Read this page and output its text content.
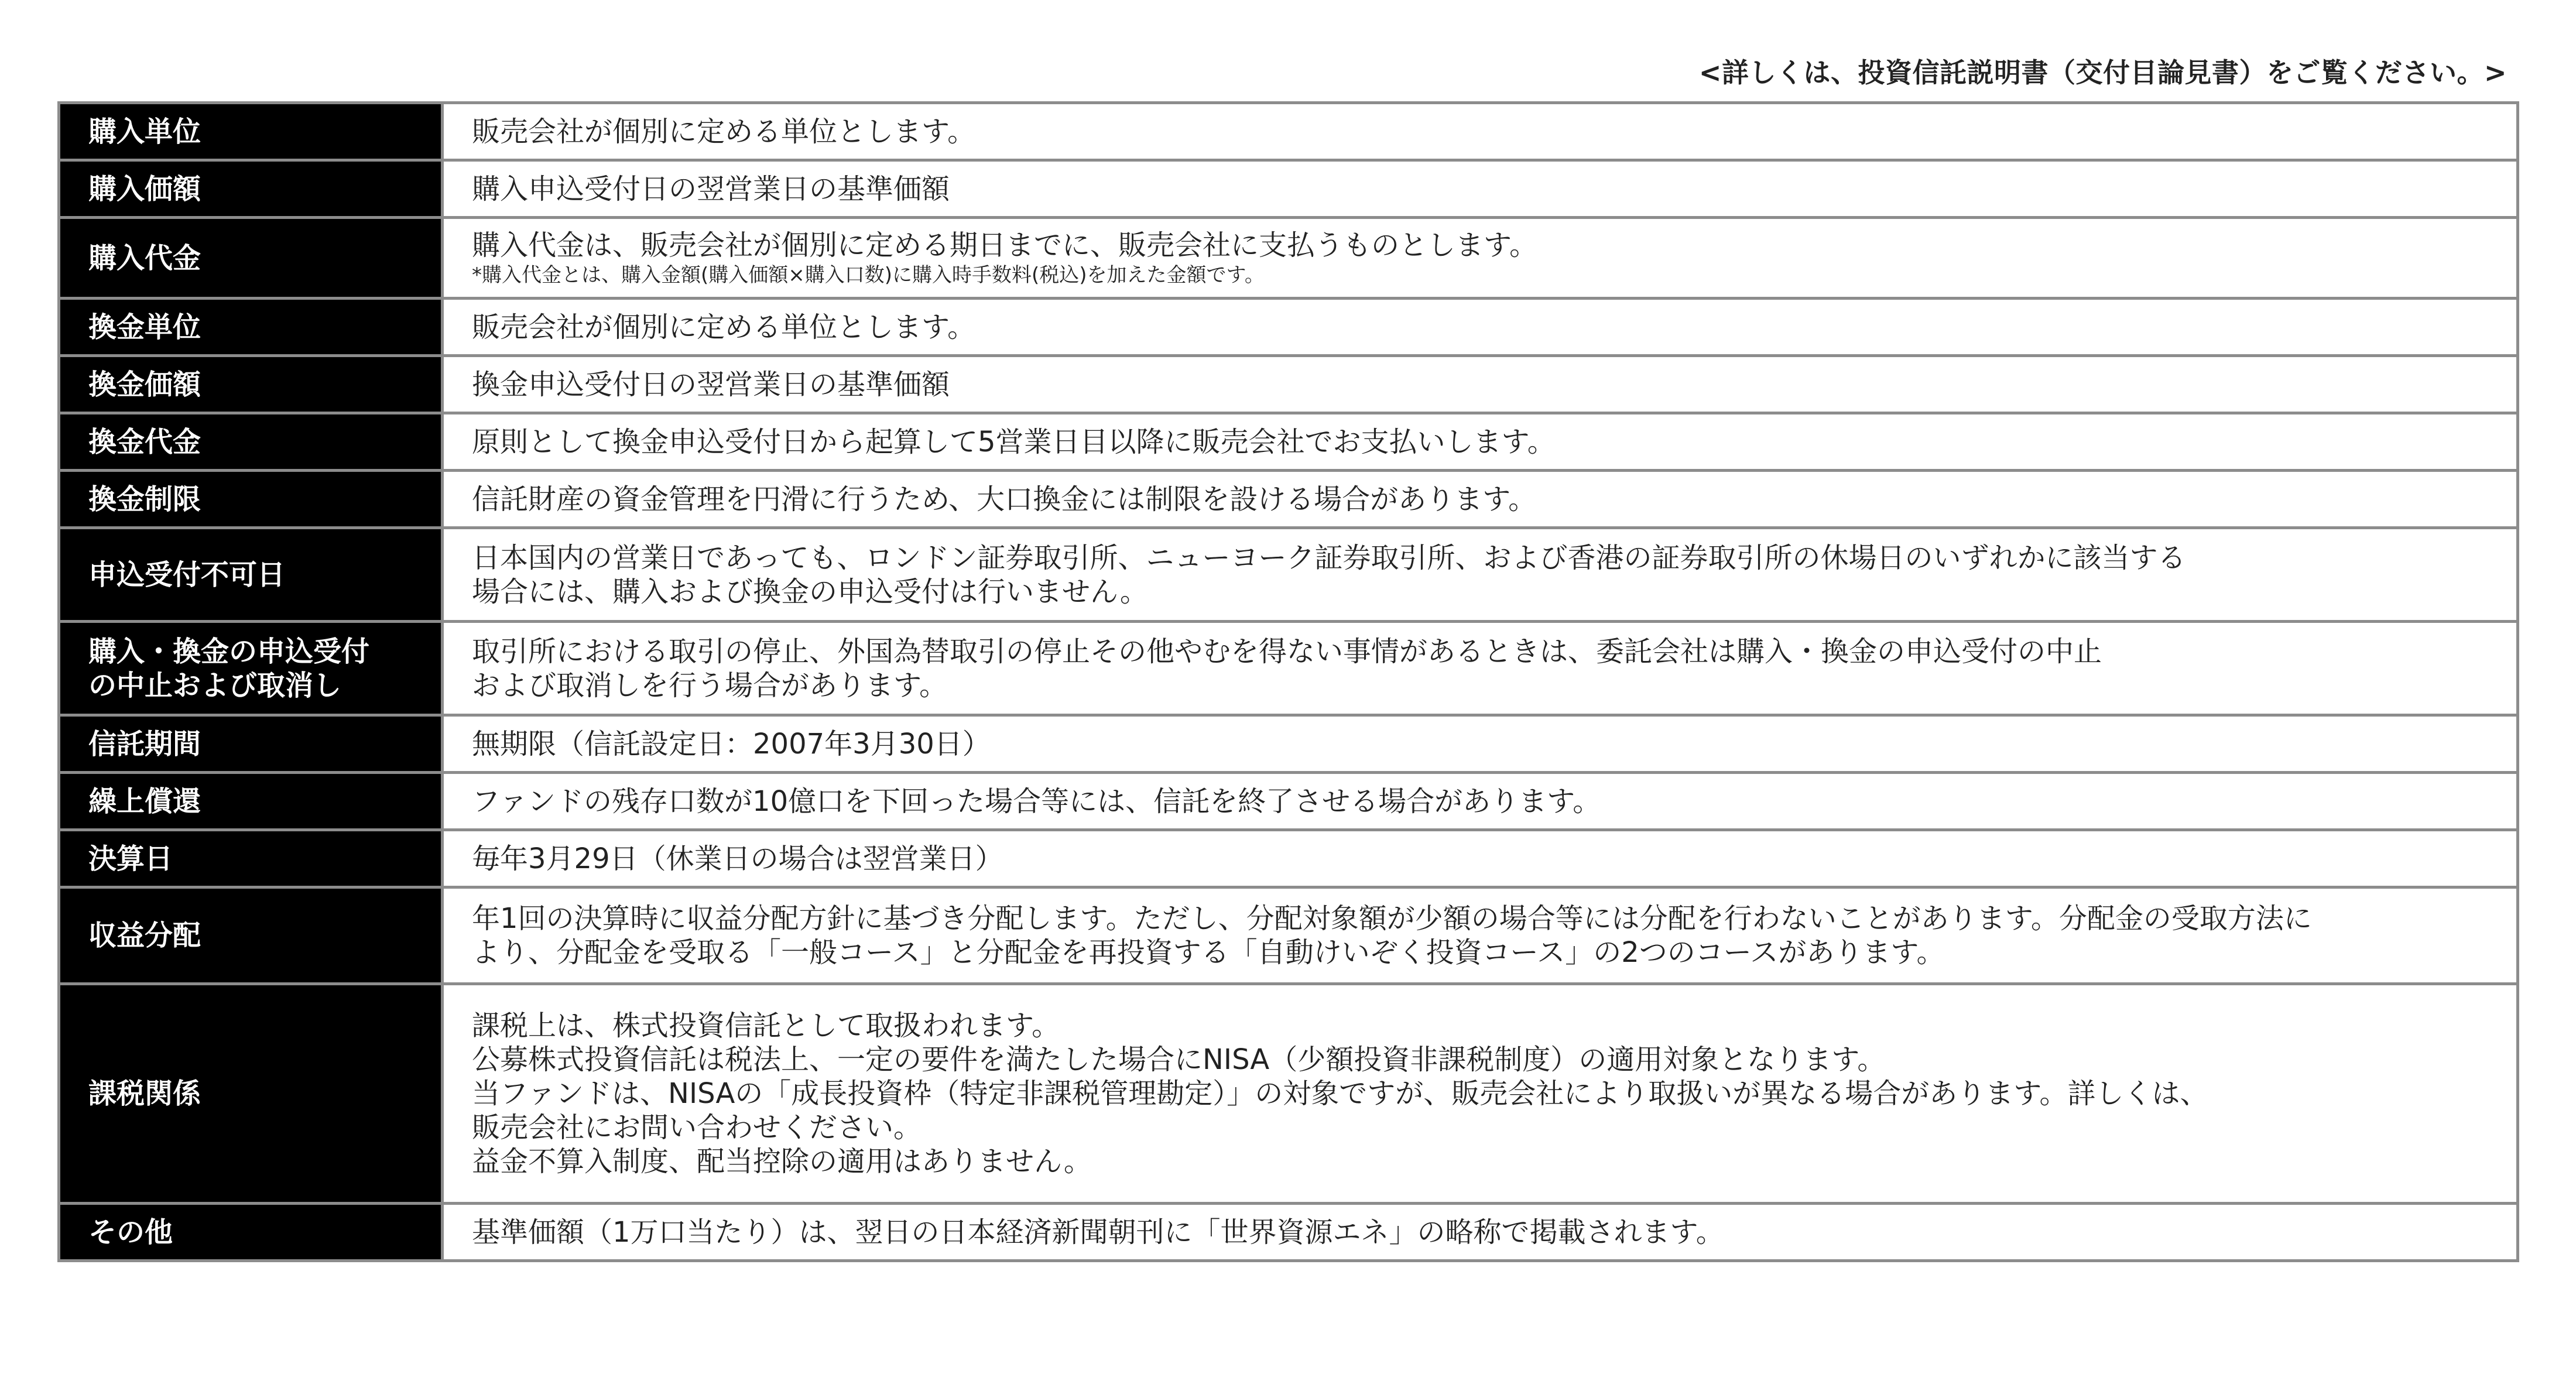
<詳しくは、投資信託説明書（交付目論見書）をご覧ください。>
購入単位	販売会社が個別に定める単位とします。
購入価額	購入申込受付日の翌営業日の基準価額
購入代金	購入代金は、販売会社が個別に定める期日までに、販売会社に支払うものとします。
*購入代金とは、購入金額(購入価額×購入口数)に購入時手数料(税込)を加えた金額です。

換金単位	販売会社が個別に定める単位とします。
換金価額	換金申込受付日の翌営業日の基準価額
換金代金	原則として換金申込受付日から起算して5営業日目以降に販売会社でお支払いします。
換金制限	信託財産の資金管理を円滑に行うため、大口換金には制限を設ける場合があります。
申込受付不可日	日本国内の営業日であっても、ロンドン証券取引所、ニューヨーク証券取引所、および香港の証券取引所の休場日のいずれかに該当する
場合には、購入および換金の申込受付は行いません。

購入・換金の申込受付
の中止および取消し	取引所における取引の停止、外国為替取引の停止その他やむを得ない事情があるときは、委託会社は購入・換金の申込受付の中止
および取消しを行う場合があります。

信託期間	無期限（信託設定日：2007年3月30日）
繰上償還	ファンドの残存口数が10億口を下回った場合等には、信託を終了させる場合があります。
決算日	毎年3月29日（休業日の場合は翌営業日）
収益分配	年1回の決算時に収益分配方針に基づき分配します。ただし、分配対象額が少額の場合等には分配を行わないことがあります。分配金の受取方法に
より、分配金を受取る「一般コース」と分配金を再投資する「自動けいぞく投資コース」の2つのコースがあります。

課税関係	課税上は、株式投資信託として取扱われます。
公募株式投資信託は税法上、一定の要件を満たした場合にNISA（少額投資非課税制度）の適用対象となります。
当ファンドは、NISAの「成長投資枠（特定非課税管理勘定）」の対象ですが、販売会社により取扱いが異なる場合があります。詳しくは、
販売会社にお問い合わせください。
益金不算入制度、配当控除の適用はありません。

その他	基準価額（1万口当たり）は、翌日の日本経済新聞朝刊に「世界資源エネ」の略称で掲載されます。
